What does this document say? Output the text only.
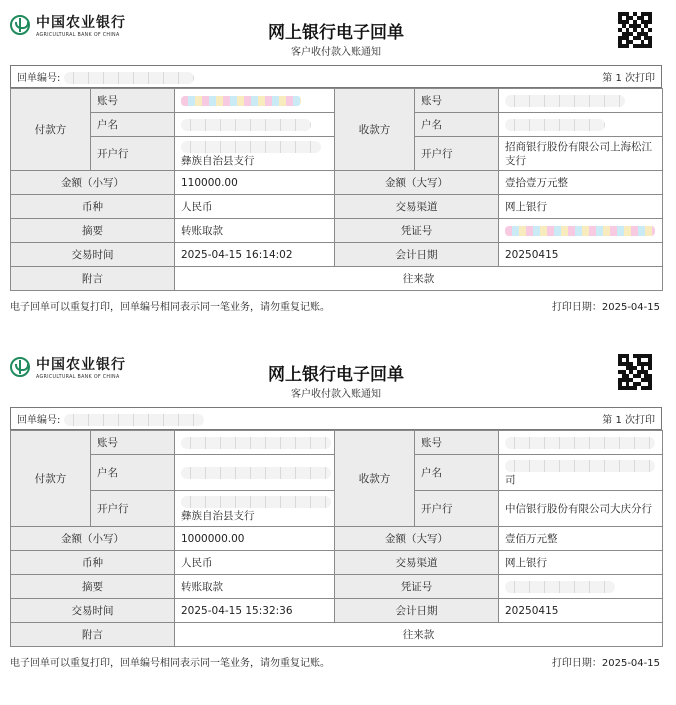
中国农业银行
AGRICULTURAL BANK OF CHINA	网上银行电子回单
客户收付款入账通知
回单编号:	第 1 次打印
付款方	账号		收款方	账号	
	户名			户名	
	开户行	彝族自治县支行		开户行	招商银行股份有限公司上海松江
支行
金额（小写）		110000.00	金额（大写）		壹拾壹万元整
币种		人民币	交易渠道		网上银行
摘要		转账取款	凭证号		
交易时间		2025-04-15 16:14:02	会计日期		20250415
附言		往来款			
电子回单可以重复打印，回单编号相同表示同一笔业务，请勿重复记账。	打印日期：2025-04-15
中国农业银行
AGRICULTURAL BANK OF CHINA	网上银行电子回单
客户收付款入账通知
回单编号:	第 1 次打印
付款方	账号		收款方	账号	
	户名			户名	司
	开户行	彝族自治县支行		开户行	中信银行股份有限公司大庆分行
金额（小写）		1000000.00	金额（大写）		壹佰万元整
币种		人民币	交易渠道		网上银行
摘要		转账取款	凭证号		
交易时间		2025-04-15 15:32:36	会计日期		20250415
附言		往来款			
电子回单可以重复打印，回单编号相同表示同一笔业务，请勿重复记账。	打印日期：2025-04-15
